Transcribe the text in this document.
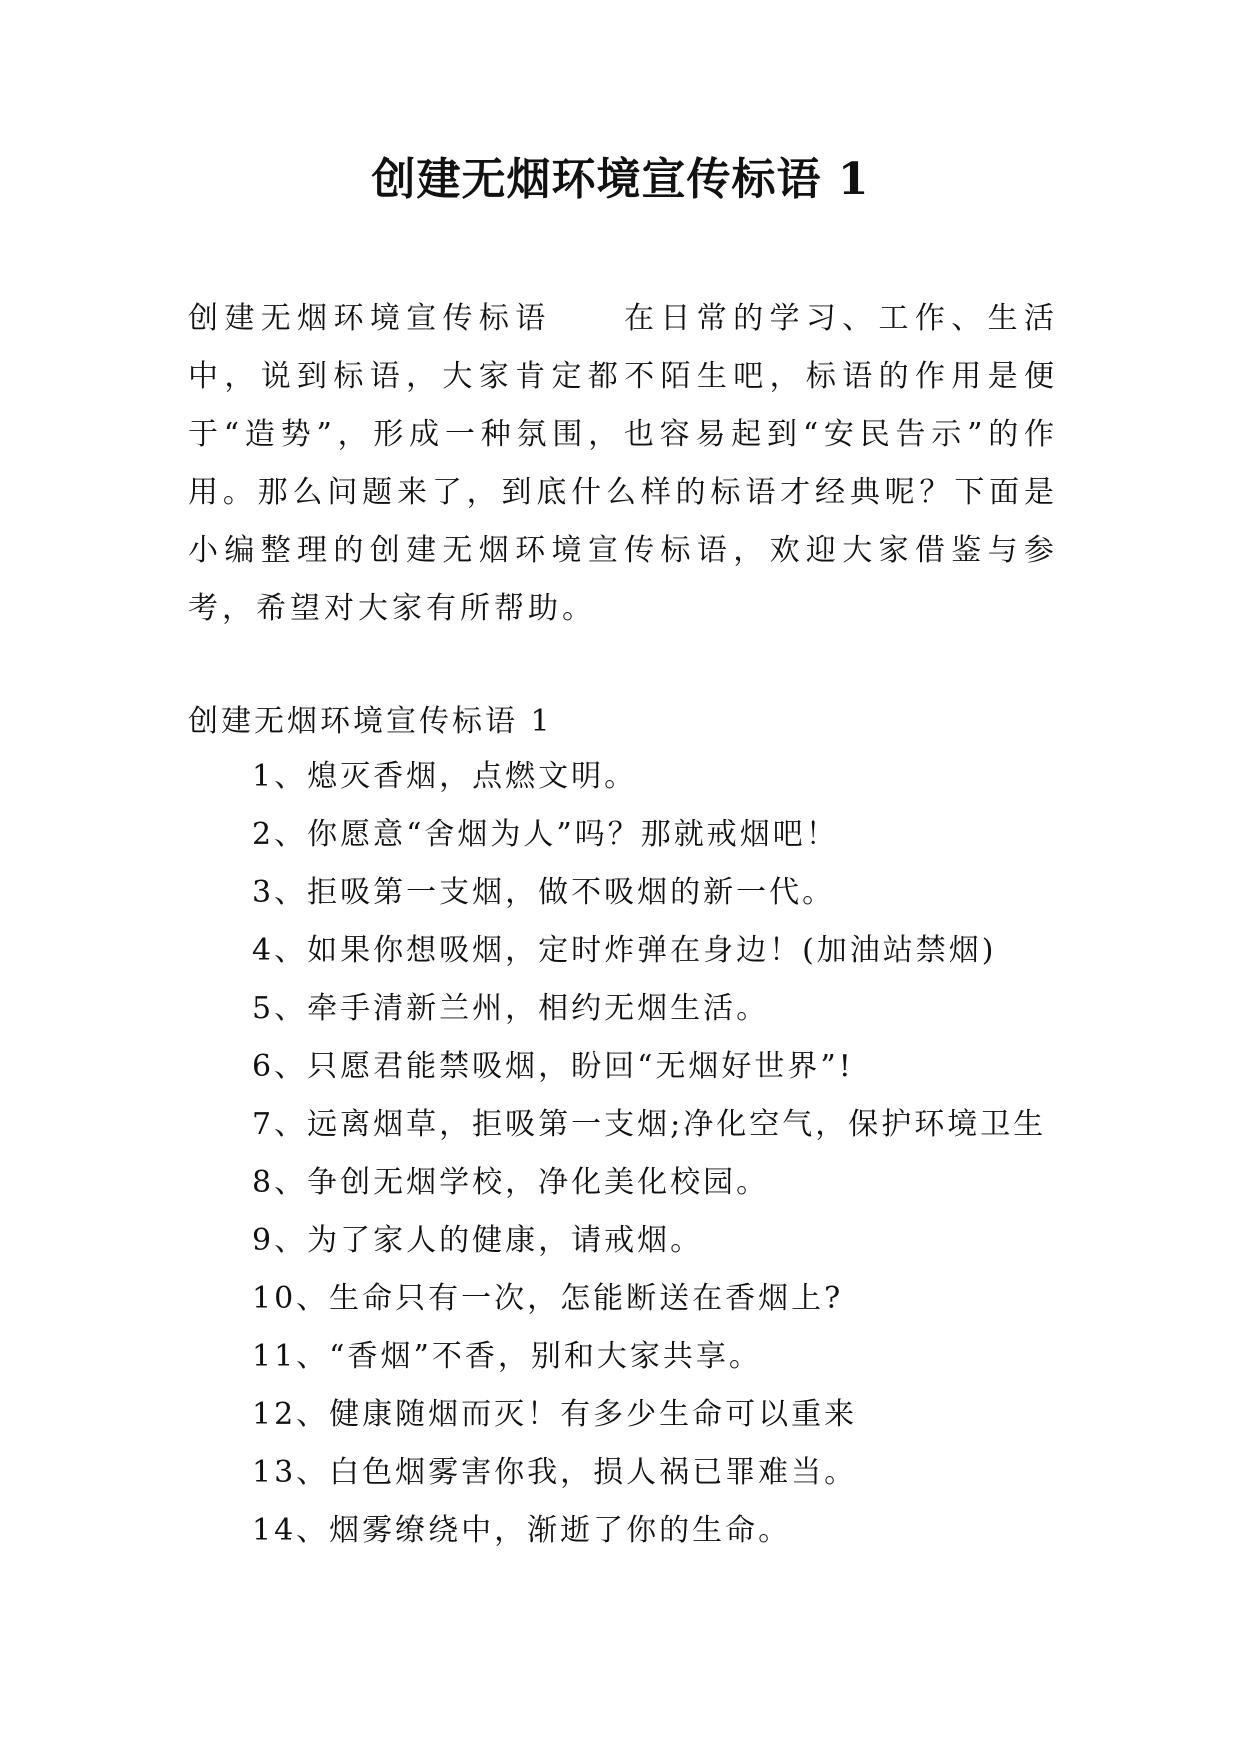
创建无烟环境宣传标语 1

创建无烟环境宣传标语 在日常的学习、工作、生活中，说到标语，大家肯定都不陌生吧，标语的作用是便于“造势”，形成一种氛围，也容易起到“安民告示”的作用。那么问题来了，到底什么样的标语才经典呢？下面是小编整理的创建无烟环境宣传标语，欢迎大家借鉴与参考，希望对大家有所帮助。

创建无烟环境宣传标语 1

1、熄灭香烟，点燃文明。
2、你愿意“舍烟为人”吗？那就戒烟吧！
3、拒吸第一支烟，做不吸烟的新一代。
4、如果你想吸烟，定时炸弹在身边！(加油站禁烟)
5、牵手清新兰州，相约无烟生活。
6、只愿君能禁吸烟，盼回“无烟好世界”!
7、远离烟草，拒吸第一支烟;净化空气，保护环境卫生
8、争创无烟学校，净化美化校园。
9、为了家人的健康，请戒烟。
10、生命只有一次，怎能断送在香烟上?
11、“香烟”不香，别和大家共享。
12、健康随烟而灭！有多少生命可以重来
13、白色烟雾害你我，损人祸已罪难当。
14、烟雾缭绕中，渐逝了你的生命。
